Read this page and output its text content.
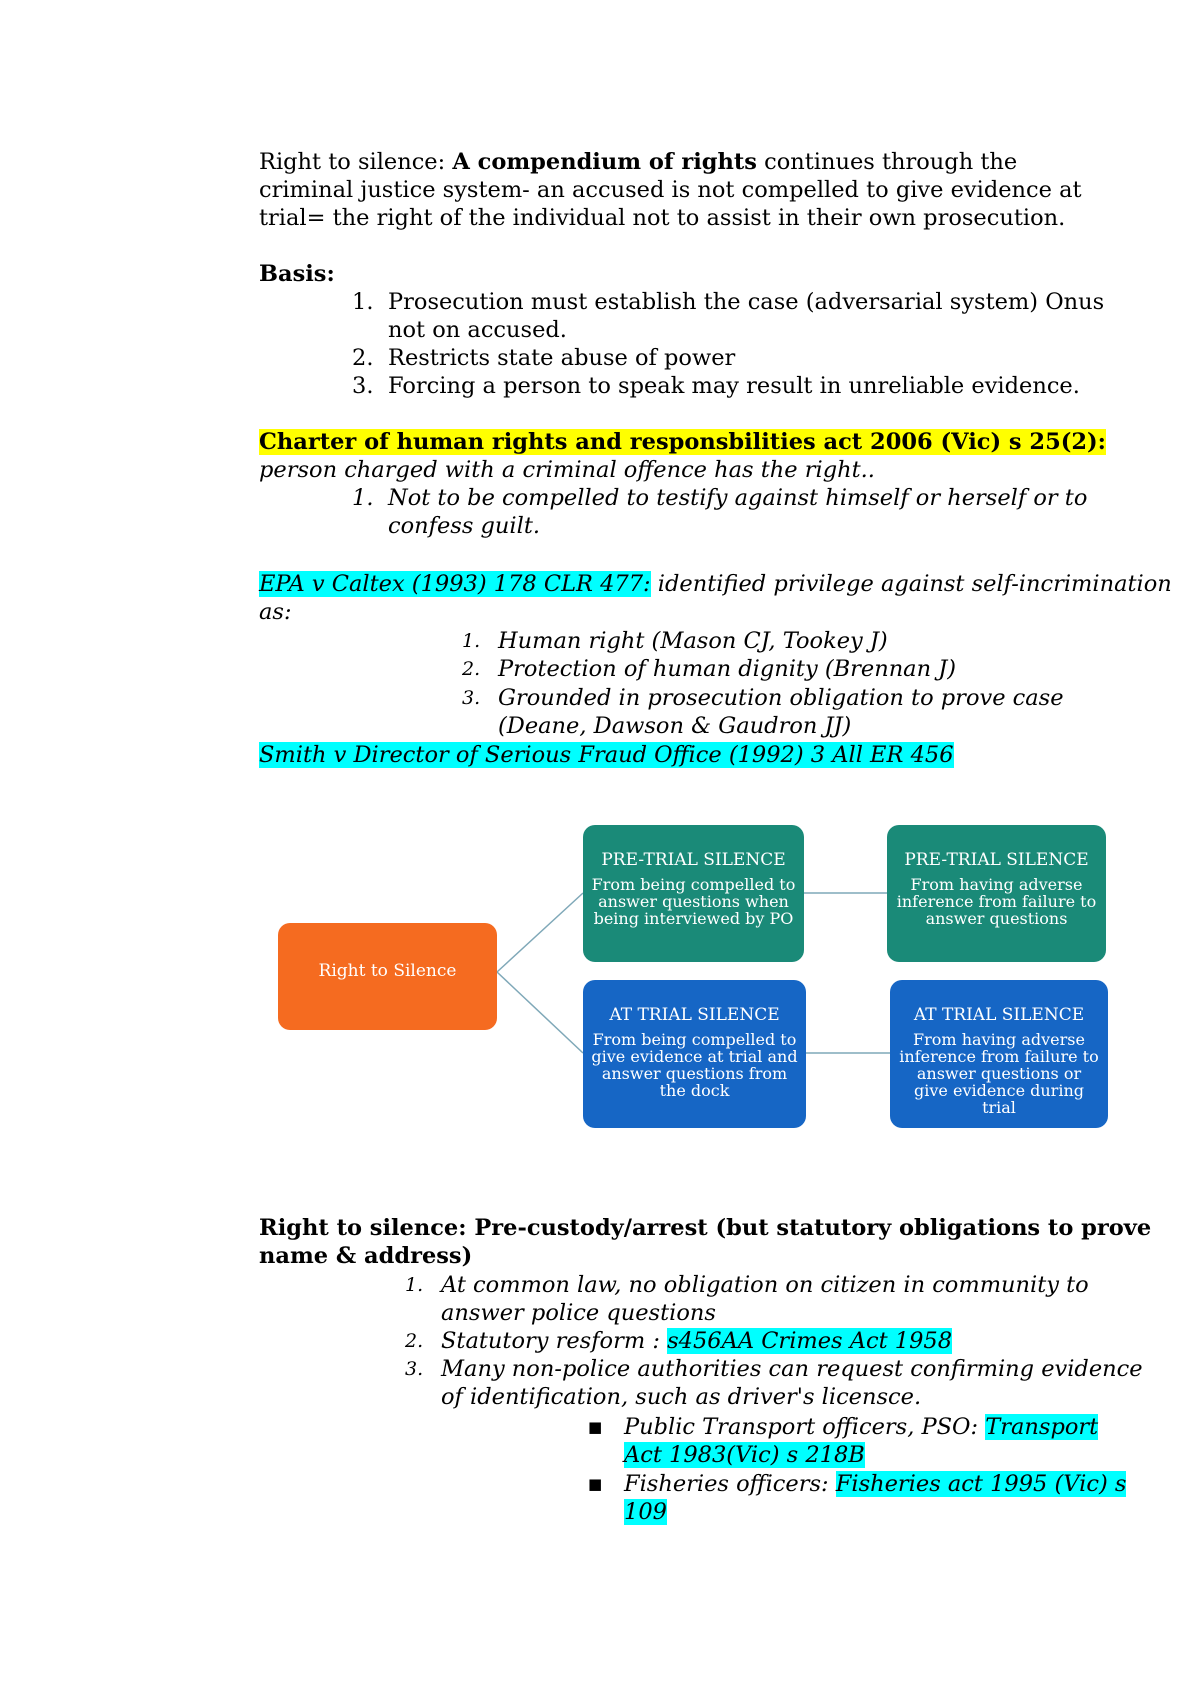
Right to silence: A compendium of rights continues through the
criminal justice system- an accused is not compelled to give evidence at
trial= the right of the individual not to assist in their own prosecution.
Basis:
1. Prosecution must establish the case (adversarial system) Onus
not on accused.
2. Restricts state abuse of power
3. Forcing a person to speak may result in unreliable evidence.
Charter of human rights and responsbilities act 2006 (Vic) s 25(2):
person charged with a criminal offence has the right..
1. Not to be compelled to testify against himself or herself or to
confess guilt.
EPA v Caltex (1993) 178 CLR 477: identified privilege against self-incrimination
as:
1. Human right (Mason CJ, Tookey J)
2. Protection of human dignity (Brennan J)
3. Grounded in prosecution obligation to prove case
(Deane, Dawson & Gaudron JJ)
Smith v Director of Serious Fraud Office (1992) 3 All ER 456
Right to Silence
PRE-TRIAL SILENCE
From being compelled to answer questions when being interviewed by PO
PRE-TRIAL SILENCE
From having adverse inference from failure to answer questions
AT TRIAL SILENCE
From being compelled to give evidence at trial and answer questions from the dock
AT TRIAL SILENCE
From having adverse inference from failure to answer questions or give evidence during trial
Right to silence: Pre-custody/arrest (but statutory obligations to prove
name & address)
1. At common law, no obligation on citizen in community to
answer police questions
2. Statutory resform : s456AA Crimes Act 1958
3. Many non-police authorities can request confirming evidence
of identification, such as driver's licensce.
■ Public Transport officers, PSO: Transport
Act 1983(Vic) s 218B
■ Fisheries officers: Fisheries act 1995 (Vic) s
109
